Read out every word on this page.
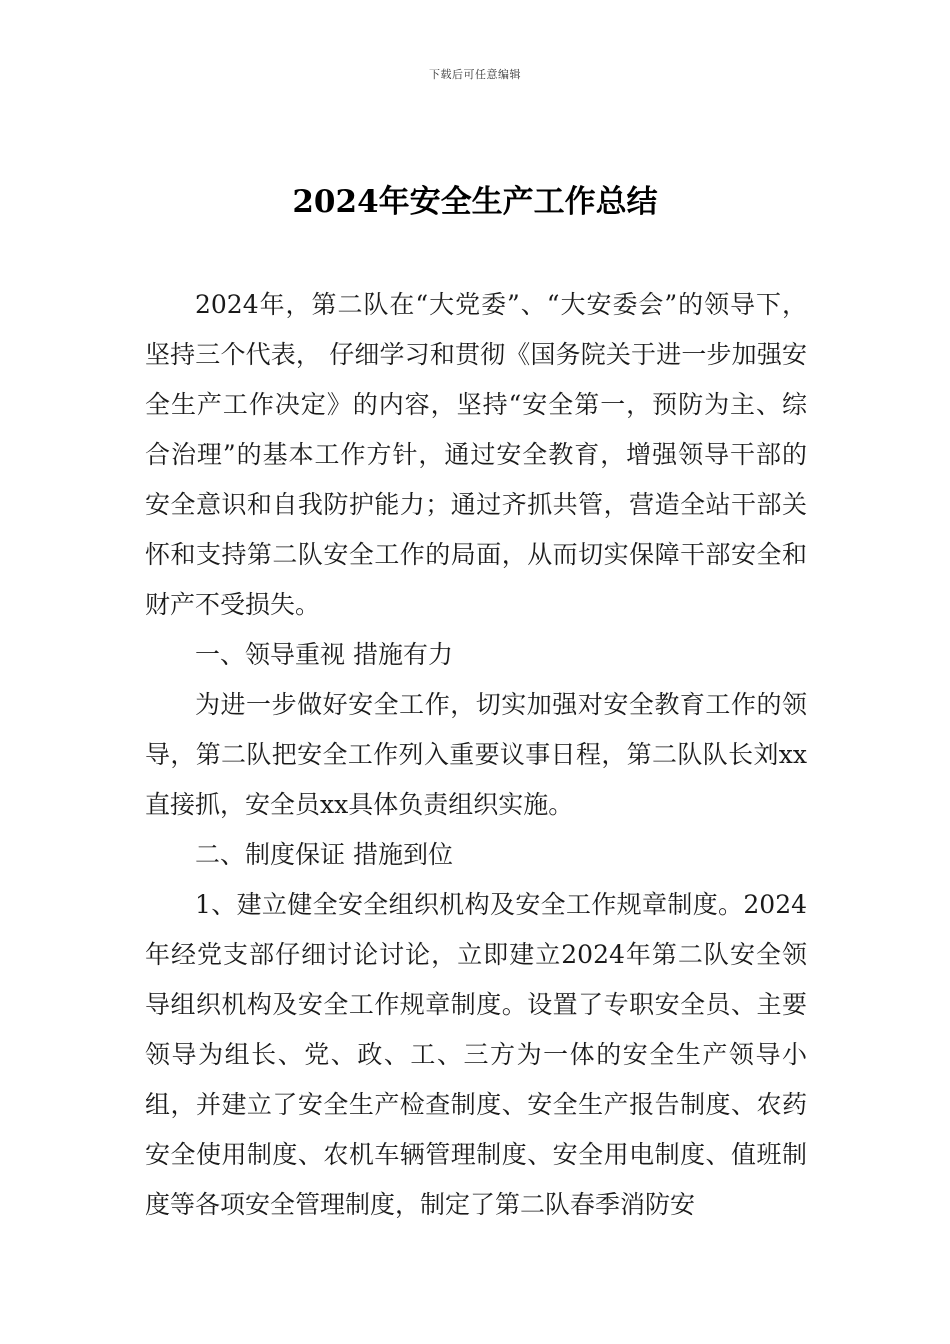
下载后可任意编辑
2024年安全生产工作总结

2024年，第二队在“大党委”、“大安委会”的领导下，坚持三个代表， 仔细学习和贯彻《国务院关于进一步加强安全生产工作决定》的内容，坚持“安全第一，预防为主、综合治理”的基本工作方针，通过安全教育，增强领导干部的安全意识和自我防护能力；通过齐抓共管，营造全站干部关怀和支持第二队安全工作的局面，从而切实保障干部安全和财产不受损失。

一、领导重视 措施有力

为进一步做好安全工作，切实加强对安全教育工作的领导，第二队把安全工作列入重要议事日程，第二队队长刘xx直接抓，安全员xx具体负责组织实施。

二、制度保证 措施到位

1、建立健全安全组织机构及安全工作规章制度。2024年经党支部仔细讨论讨论，立即建立2024年第二队安全领导组织机构及安全工作规章制度。设置了专职安全员、主要领导为组长、党、政、工、三方为一体的安全生产领导小组，并建立了安全生产检查制度、安全生产报告制度、农药安全使用制度、农机车辆管理制度、安全用电制度、值班制度等各项安全管理制度，制定了第二队春季消防安
